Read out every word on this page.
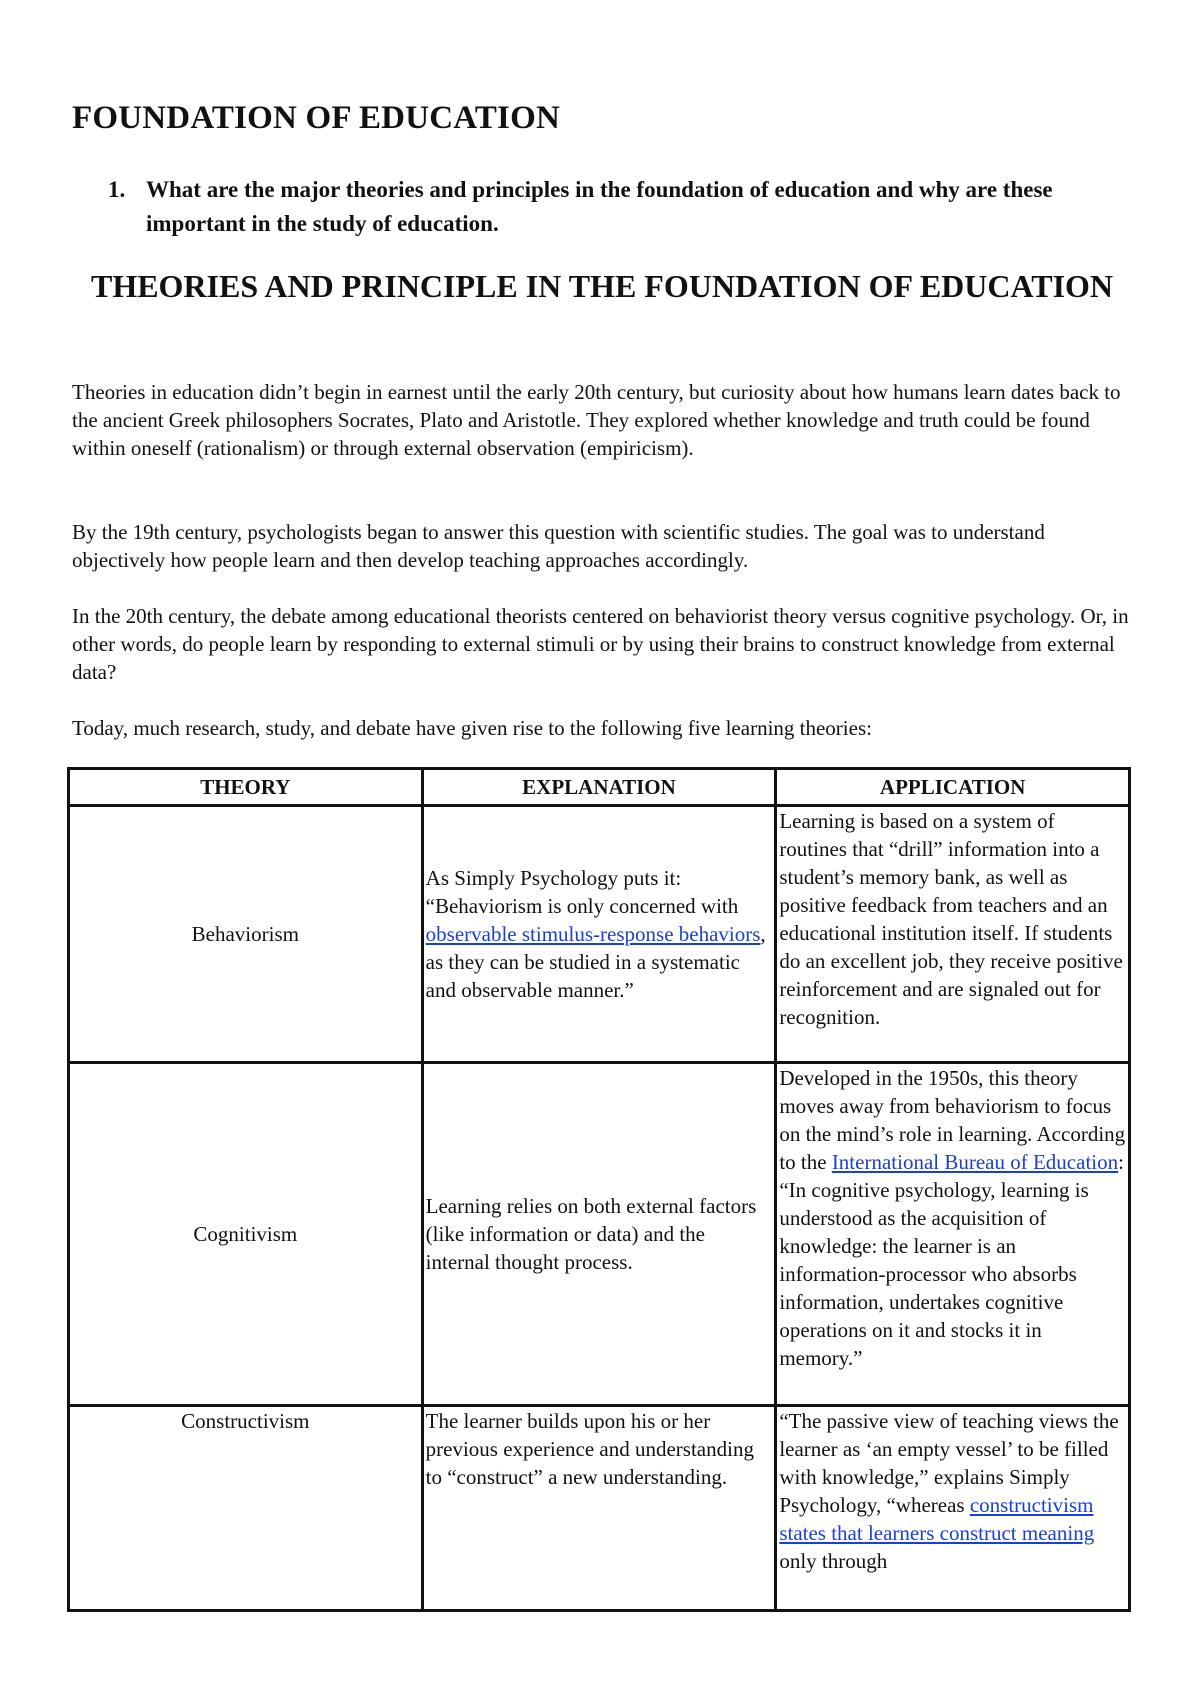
FOUNDATION OF EDUCATION
1. What are the major theories and principles in the foundation of education and why are these important in the study of education.
THEORIES AND PRINCIPLE IN THE FOUNDATION OF EDUCATION

Theories in education didn’t begin in earnest until the early 20th century, but curiosity about how humans learn dates back to the ancient Greek philosophers Socrates, Plato and Aristotle. They explored whether knowledge and truth could be found within oneself (rationalism) or through external observation (empiricism).

By the 19th century, psychologists began to answer this question with scientific studies. The goal was to understand objectively how people learn and then develop teaching approaches accordingly.

In the 20th century, the debate among educational theorists centered on behaviorist theory versus cognitive psychology. Or, in other words, do people learn by responding to external stimuli or by using their brains to construct knowledge from external data?

Today, much research, study, and debate have given rise to the following five learning theories:

THEORY	EXPLANATION	APPLICATION
Behaviorism	As Simply Psychology puts it: “Behaviorism is only concerned with observable stimulus-response behaviors, as they can be studied in a systematic and observable manner.”	Learning is based on a system of routines that “drill” information into a student’s memory bank, as well as positive feedback from teachers and an educational institution itself. If students do an excellent job, they receive positive reinforcement and are signaled out for recognition.
Cognitivism	Learning relies on both external factors (like information or data) and the internal thought process.	Developed in the 1950s, this theory moves away from behaviorism to focus on the mind’s role in learning. According to the International Bureau of Education: “In cognitive psychology, learning is understood as the acquisition of knowledge: the learner is an information-processor who absorbs information, undertakes cognitive operations on it and stocks it in memory.”
Constructivism	The learner builds upon his or her previous experience and understanding to “construct” a new understanding.	“The passive view of teaching views the learner as ‘an empty vessel’ to be filled with knowledge,” explains Simply Psychology, “whereas constructivism states that learners construct meaning only through
